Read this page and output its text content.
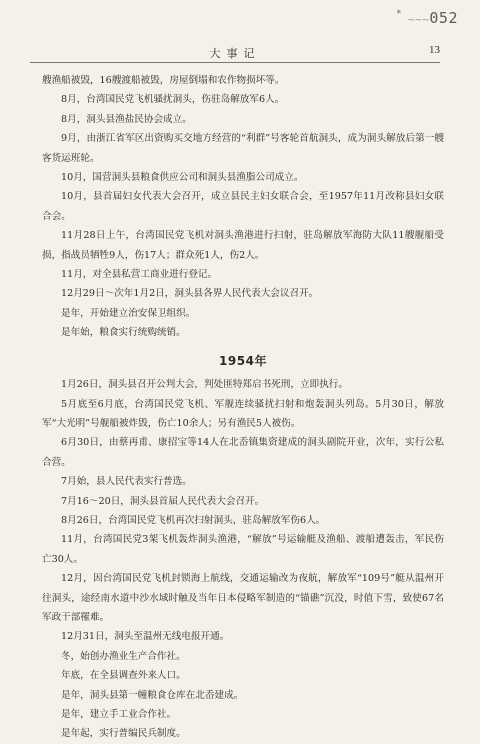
* ~~~052
大事记	13

艘渔船被毁，16艘渡船被毁，房屋倒塌和农作物损坏等。

8月，台湾国民党飞机骚扰洞头，伤驻岛解放军6人。

8月，洞头县渔盐民协会成立。

9月，由浙江省军区出资购买交地方经营的“利群”号客轮首航洞头，成为洞头解放后第一艘客货运班轮。

10月，国营洞头县粮食供应公司和洞头县渔脂公司成立。

10月，县首届妇女代表大会召开，成立县民主妇女联合会，至1957年11月改称县妇女联合会。

11月28日上午，台湾国民党飞机对洞头渔港进行扫射，驻岛解放军海防大队11艘舰船受损，指战员牺牲9人，伤17人；群众死1人，伤2人。

11月，对全县私营工商业进行登记。

12月29日～次年1月2日，洞头县各界人民代表大会议召开。

是年，开始建立治安保卫组织。

是年始，粮食实行统购统销。

1954年

1月26日，洞头县召开公判大会，判处匪特郑启书死刑，立即执行。

5月底至6月底，台湾国民党飞机、军舰连续骚扰扫射和炮轰洞头列岛。5月30日，解放军“大光明”号舰船被炸毁，伤亡10余人；另有渔民5人被伤。

6月30日，由蔡再甫、康招宝等14人在北岙镇集资建成的洞头剧院开业，次年，实行公私合营。

7月始，县人民代表实行普选。

7月16～20日，洞头县首届人民代表大会召开。

8月26日，台湾国民党飞机再次扫射洞头，驻岛解放军伤6人。

11月，台湾国民党3架飞机轰炸洞头渔港，“解放”号运输艇及渔船、渡船遭轰击，军民伤亡30人。

12月，因台湾国民党飞机封锁海上航线，交通运输改为夜航，解放军“109号”艇从温州开往洞头，途经南水道中沙水域时触及当年日本侵略军制造的“锚礁”沉没，时值下雪，致使67名军政干部罹难。

12月31日，洞头至温州无线电报开通。

冬，始创办渔业生产合作社。

年底，在全县调查外来人口。

是年，洞头县第一幢粮食仓库在北岙建成。

是年，建立手工业合作社。

是年起，实行普编民兵制度。
